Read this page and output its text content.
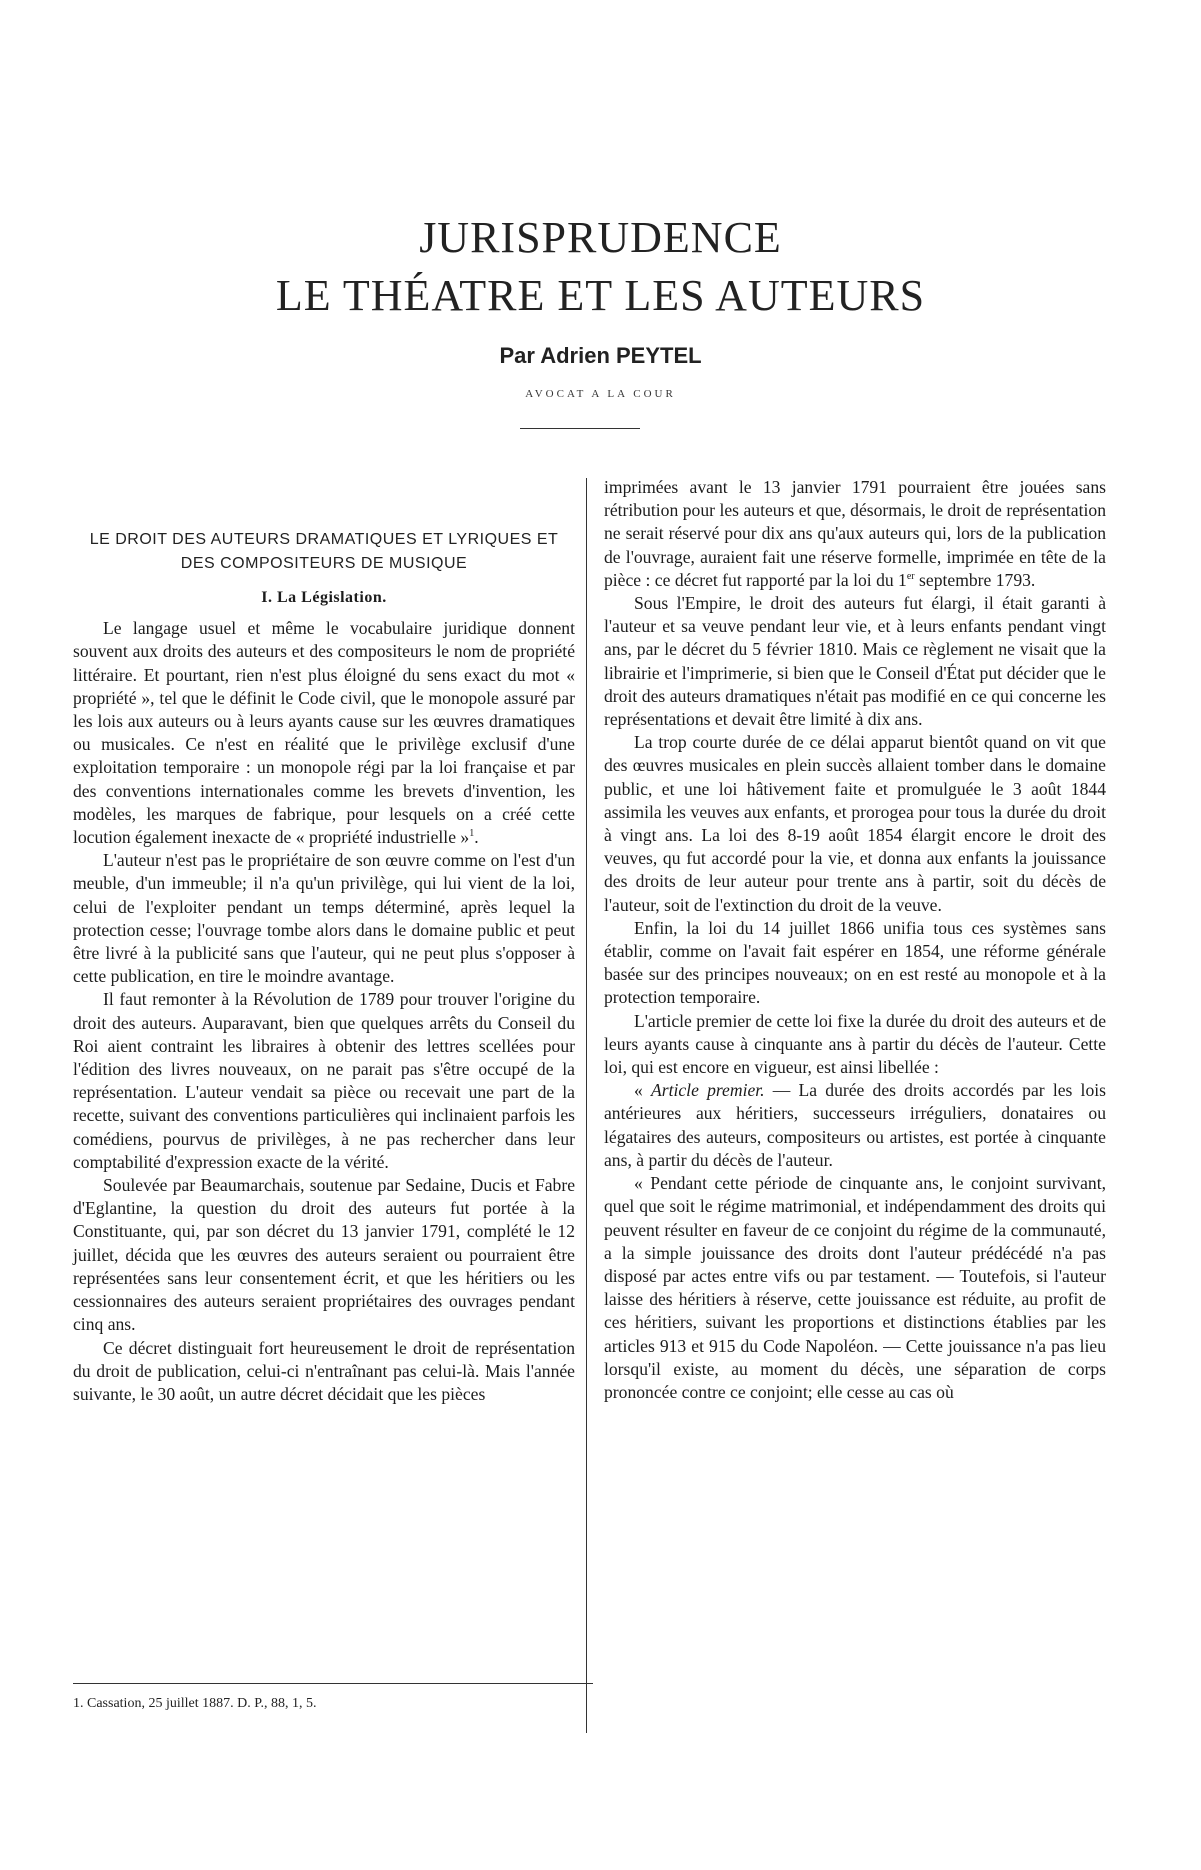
JURISPRUDENCE
LE THÉATRE ET LES AUTEURS
Par Adrien PEYTEL
AVOCAT A LA COUR
LE DROIT DES AUTEURS DRAMATIQUES ET LYRIQUES ET DES COMPOSITEURS DE MUSIQUE
I. La Législation.

Le langage usuel et même le vocabulaire juridique donnent souvent aux droits des auteurs et des compositeurs le nom de propriété littéraire. Et pourtant, rien n'est plus éloigné du sens exact du mot « propriété », tel que le définit le Code civil, que le monopole assuré par les lois aux auteurs ou à leurs ayants cause sur les œuvres dramatiques ou musicales. Ce n'est en réalité que le privilège exclusif d'une exploitation temporaire : un monopole régi par la loi française et par des conventions internationales comme les brevets d'invention, les modèles, les marques de fabrique, pour lesquels on a créé cette locution également inexacte de « propriété industrielle »$^1$.

L'auteur n'est pas le propriétaire de son œuvre comme on l'est d'un meuble, d'un immeuble; il n'a qu'un privilège, qui lui vient de la loi, celui de l'exploiter pendant un temps déterminé, après lequel la protection cesse; l'ouvrage tombe alors dans le domaine public et peut être livré à la publicité sans que l'auteur, qui ne peut plus s'opposer à cette publication, en tire le moindre avantage.

Il faut remonter à la Révolution de 1789 pour trouver l'origine du droit des auteurs. Auparavant, bien que quelques arrêts du Conseil du Roi aient contraint les libraires à obtenir des lettres scellées pour l'édition des livres nouveaux, on ne parait pas s'être occupé de la représentation. L'auteur vendait sa pièce ou recevait une part de la recette, suivant des conventions particulières qui inclinaient parfois les comédiens, pourvus de privilèges, à ne pas rechercher dans leur comptabilité d'expression exacte de la vérité.

Soulevée par Beaumarchais, soutenue par Sedaine, Ducis et Fabre d'Eglantine, la question du droit des auteurs fut portée à la Constituante, qui, par son décret du 13 janvier 1791, complété le 12 juillet, décida que les œuvres des auteurs seraient ou pourraient être représentées sans leur consentement écrit, et que les héritiers ou les cessionnaires des auteurs seraient propriétaires des ouvrages pendant cinq ans.

Ce décret distinguait fort heureusement le droit de représentation du droit de publication, celui-ci n'entraînant pas celui-là. Mais l'année suivante, le 30 août, un autre décret décidait que les pièces

imprimées avant le 13 janvier 1791 pourraient être jouées sans rétribution pour les auteurs et que, désormais, le droit de représentation ne serait réservé pour dix ans qu'aux auteurs qui, lors de la publication de l'ouvrage, auraient fait une réserve formelle, imprimée en tête de la pièce : ce décret fut rapporté par la loi du 1er septembre 1793.

Sous l'Empire, le droit des auteurs fut élargi, il était garanti à l'auteur et sa veuve pendant leur vie, et à leurs enfants pendant vingt ans, par le décret du 5 février 1810. Mais ce règlement ne visait que la librairie et l'imprimerie, si bien que le Conseil d'État put décider que le droit des auteurs dramatiques n'était pas modifié en ce qui concerne les représentations et devait être limité à dix ans.

La trop courte durée de ce délai apparut bientôt quand on vit que des œuvres musicales en plein succès allaient tomber dans le domaine public, et une loi hâtivement faite et promulguée le 3 août 1844 assimila les veuves aux enfants, et prorogea pour tous la durée du droit à vingt ans. La loi des 8-19 août 1854 élargit encore le droit des veuves, qu fut accordé pour la vie, et donna aux enfants la jouissance des droits de leur auteur pour trente ans à partir, soit du décès de l'auteur, soit de l'extinction du droit de la veuve.

Enfin, la loi du 14 juillet 1866 unifia tous ces systèmes sans établir, comme on l'avait fait espérer en 1854, une réforme générale basée sur des principes nouveaux; on en est resté au monopole et à la protection temporaire.

L'article premier de cette loi fixe la durée du droit des auteurs et de leurs ayants cause à cinquante ans à partir du décès de l'auteur. Cette loi, qui est encore en vigueur, est ainsi libellée :

« Article premier. — La durée des droits accordés par les lois antérieures aux héritiers, successeurs irréguliers, donataires ou légataires des auteurs, compositeurs ou artistes, est portée à cinquante ans, à partir du décès de l'auteur.

« Pendant cette période de cinquante ans, le conjoint survivant, quel que soit le régime matrimonial, et indépendamment des droits qui peuvent résulter en faveur de ce conjoint du régime de la communauté, a la simple jouissance des droits dont l'auteur prédécédé n'a pas disposé par actes entre vifs ou par testament. — Toutefois, si l'auteur laisse des héritiers à réserve, cette jouissance est réduite, au profit de ces héritiers, suivant les proportions et distinctions établies par les articles 913 et 915 du Code Napoléon. — Cette jouissance n'a pas lieu lorsqu'il existe, au moment du décès, une séparation de corps prononcée contre ce conjoint; elle cesse au cas où

1. Cassation, 25 juillet 1887. D. P., 88, 1, 5.
